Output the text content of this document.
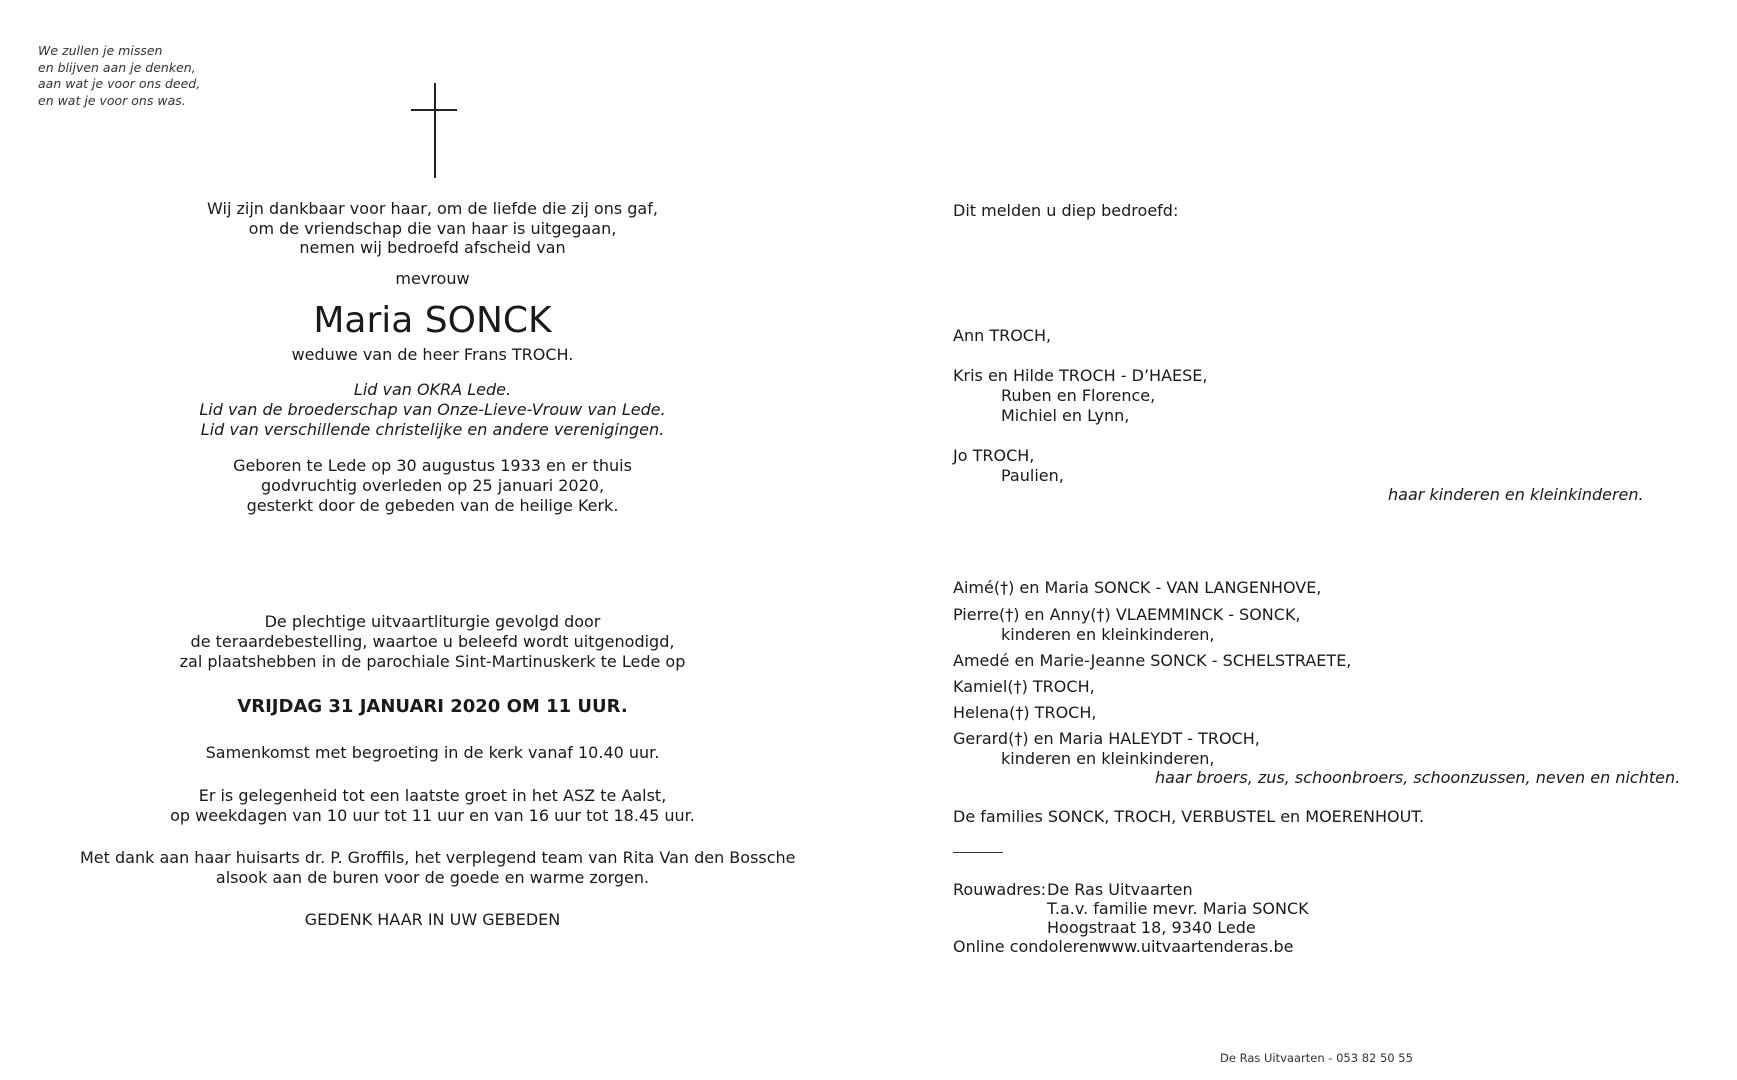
We zullen je missen
en blijven aan je denken,
aan wat je voor ons deed,
en wat je voor ons was.
Wij zijn dankbaar voor haar, om de liefde die zij ons gaf,
om de vriendschap die van haar is uitgegaan,
nemen wij bedroefd afscheid van
mevrouw
Maria SONCK
weduwe van de heer Frans TROCH.
Lid van OKRA Lede.
Lid van de broederschap van Onze-Lieve-Vrouw van Lede.
Lid van verschillende christelijke en andere verenigingen.
Geboren te Lede op 30 augustus 1933 en er thuis
godvruchtig overleden op 25 januari 2020,
gesterkt door de gebeden van de heilige Kerk.
De plechtige uitvaartliturgie gevolgd door
de teraardebestelling, waartoe u beleefd wordt uitgenodigd,
zal plaatshebben in de parochiale Sint-Martinuskerk te Lede op
VRIJDAG 31 JANUARI 2020 OM 11 UUR.
Samenkomst met begroeting in de kerk vanaf 10.40 uur.
Er is gelegenheid tot een laatste groet in het ASZ te Aalst,
op weekdagen van 10 uur tot 11 uur en van 16 uur tot 18.45 uur.
Met dank aan haar huisarts dr. P. Groffils, het verplegend team van Rita Van den Bossche
alsook aan de buren voor de goede en warme zorgen.
GEDENK HAAR IN UW GEBEDEN
Dit melden u diep bedroefd:
Ann TROCH,
Kris en Hilde TROCH - D’HAESE,
Ruben en Florence,
Michiel en Lynn,
Jo TROCH,
Paulien,
haar kinderen en kleinkinderen.
Aimé(†) en Maria SONCK - VAN LANGENHOVE,
Pierre(†) en Anny(†) VLAEMMINCK - SONCK,
kinderen en kleinkinderen,
Amedé en Marie-Jeanne SONCK - SCHELSTRAETE,
Kamiel(†) TROCH,
Helena(†) TROCH,
Gerard(†) en Maria HALEYDT - TROCH,
kinderen en kleinkinderen,
haar broers, zus, schoonbroers, schoonzussen, neven en nichten.
De families SONCK, TROCH, VERBUSTEL en MOERENHOUT.
Rouwadres: De Ras Uitvaarten
T.a.v. familie mevr. Maria SONCK
Hoogstraat 18, 9340 Lede
Online condoleren:
www.uitvaartenderas.be
De Ras Uitvaarten - 053 82 50 55
